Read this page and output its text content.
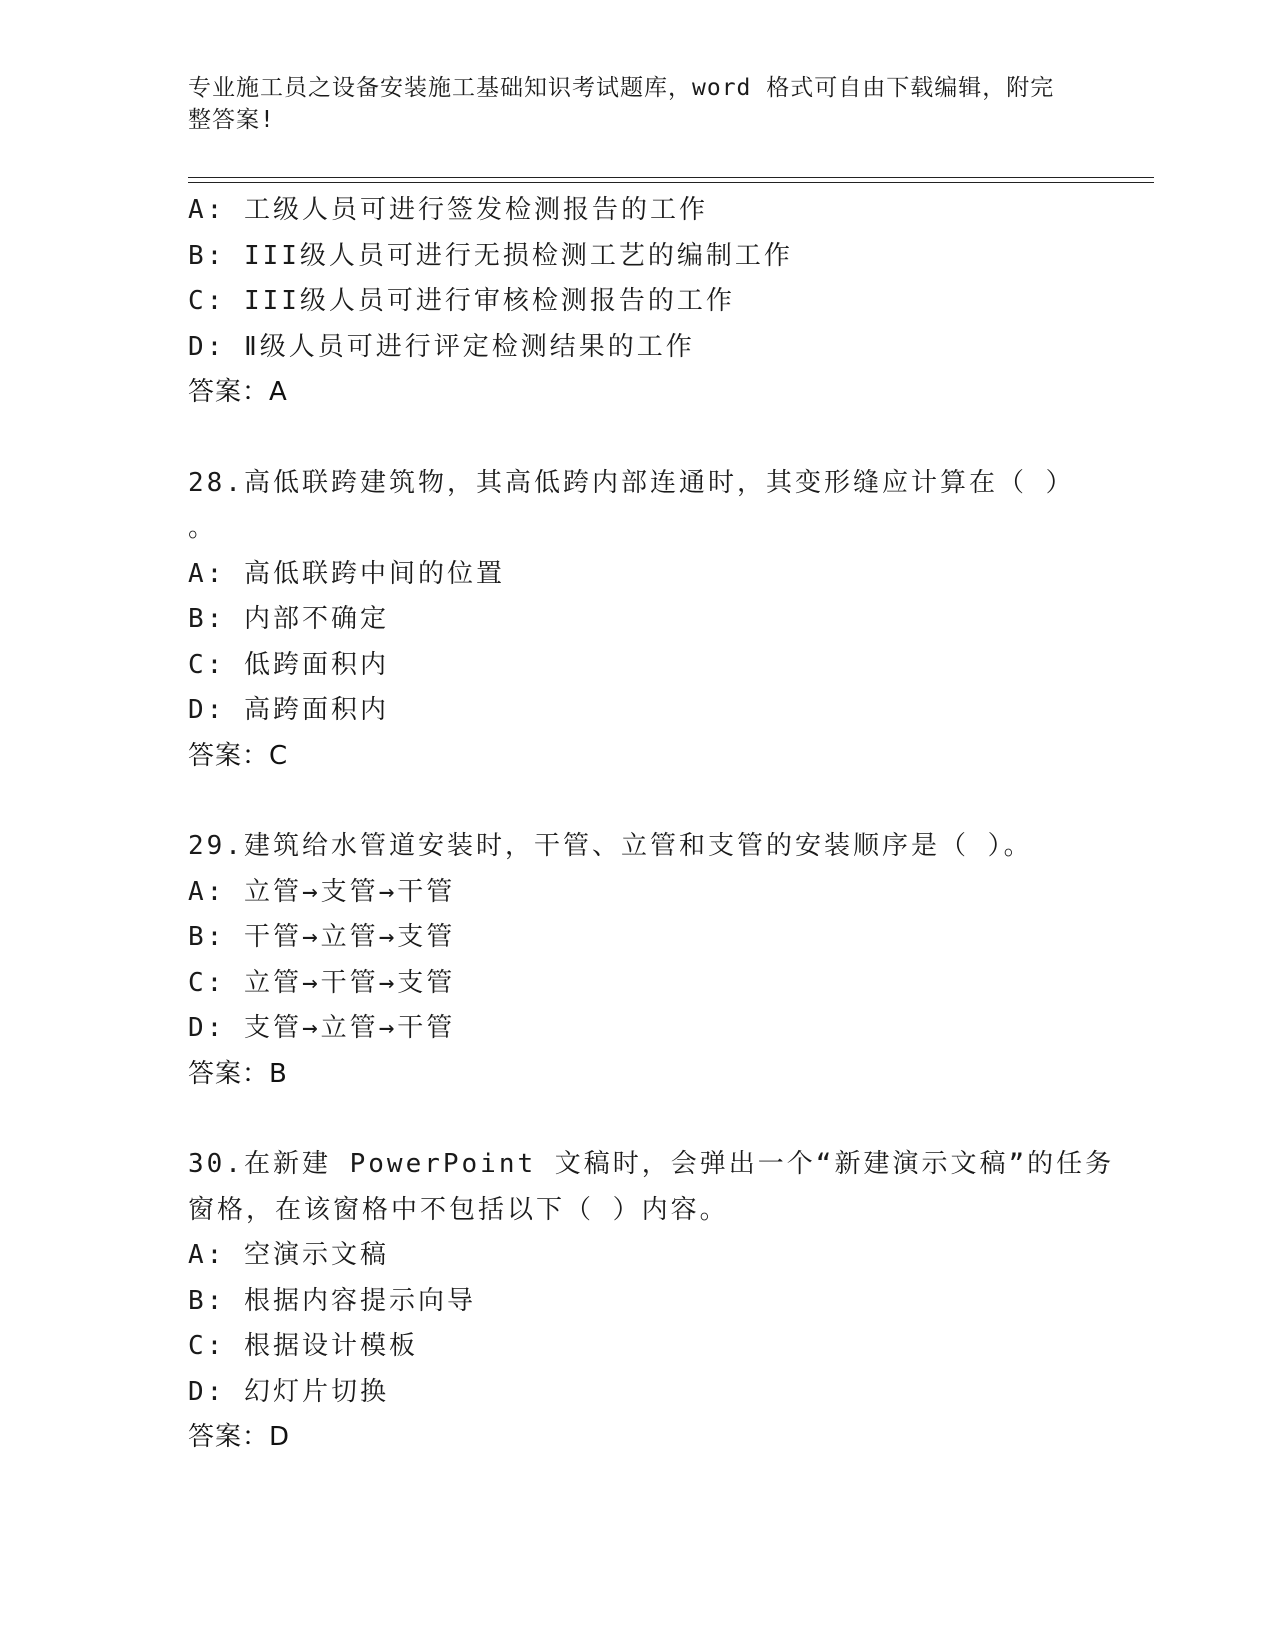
专业施工员之设备安装施工基础知识考试题库，word 格式可自由下载编辑，附完
整答案!
A: 工级人员可进行签发检测报告的工作
B: III级人员可进行无损检测工艺的编制工作
C: III级人员可进行审核检测报告的工作
D: Ⅱ级人员可进行评定检测结果的工作
答案：A
28.高低联跨建筑物，其高低跨内部连通时，其变形缝应计算在（ ）
。
A: 高低联跨中间的位置
B: 内部不确定
C: 低跨面积内
D: 高跨面积内
答案：C
29.建筑给水管道安装时，干管、立管和支管的安装顺序是（ ）。
A: 立管→支管→干管
B: 干管→立管→支管
C: 立管→干管→支管
D: 支管→立管→干管
答案：B
30.在新建 PowerPoint 文稿时，会弹出一个“新建演示文稿”的任务
窗格，在该窗格中不包括以下（ ）内容。
A: 空演示文稿
B: 根据内容提示向导
C: 根据设计模板
D: 幻灯片切换
答案：D
